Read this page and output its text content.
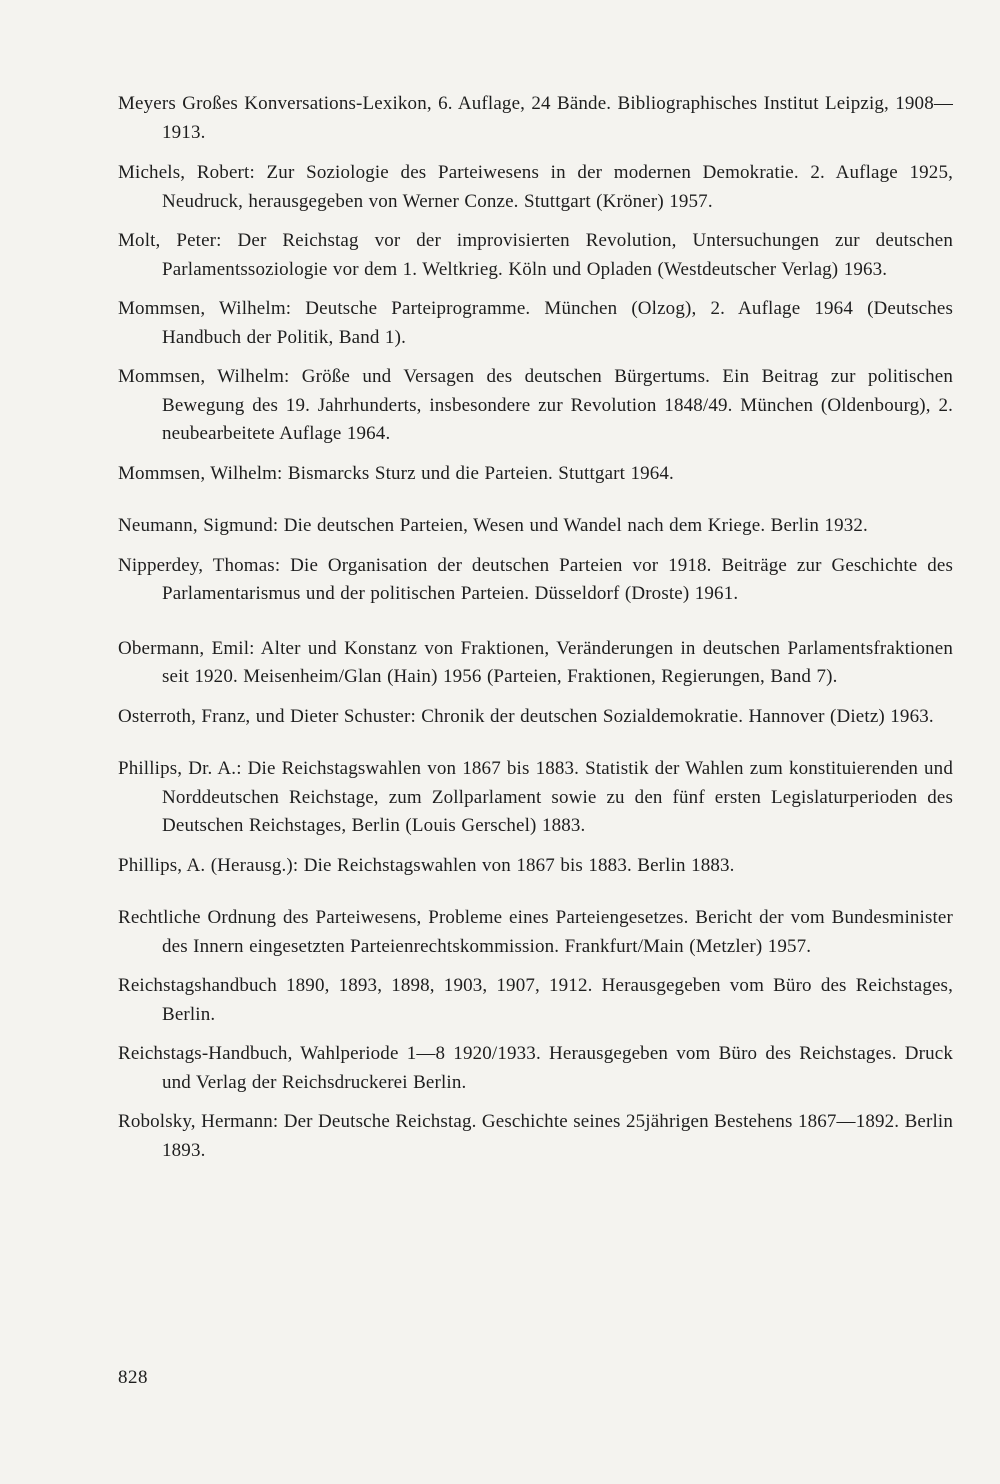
Meyers Großes Konversations-Lexikon, 6. Auflage, 24 Bände. Bibliographisches Institut Leipzig, 1908—1913.
Michels, Robert: Zur Soziologie des Parteiwesens in der modernen Demokratie. 2. Auflage 1925, Neudruck, herausgegeben von Werner Conze. Stuttgart (Kröner) 1957.
Molt, Peter: Der Reichstag vor der improvisierten Revolution, Untersuchungen zur deutschen Parlamentssoziologie vor dem 1. Weltkrieg. Köln und Opladen (Westdeutscher Verlag) 1963.
Mommsen, Wilhelm: Deutsche Parteiprogramme. München (Olzog), 2. Auflage 1964 (Deutsches Handbuch der Politik, Band 1).
Mommsen, Wilhelm: Größe und Versagen des deutschen Bürgertums. Ein Beitrag zur politischen Bewegung des 19. Jahrhunderts, insbesondere zur Revolution 1848/49. München (Oldenbourg), 2. neubearbeitete Auflage 1964.
Mommsen, Wilhelm: Bismarcks Sturz und die Parteien. Stuttgart 1964.
Neumann, Sigmund: Die deutschen Parteien, Wesen und Wandel nach dem Kriege. Berlin 1932.
Nipperdey, Thomas: Die Organisation der deutschen Parteien vor 1918. Beiträge zur Geschichte des Parlamentarismus und der politischen Parteien. Düsseldorf (Droste) 1961.
Obermann, Emil: Alter und Konstanz von Fraktionen, Veränderungen in deutschen Parlamentsfraktionen seit 1920. Meisenheim/Glan (Hain) 1956 (Parteien, Fraktionen, Regierungen, Band 7).
Osterroth, Franz, und Dieter Schuster: Chronik der deutschen Sozialdemokratie. Hannover (Dietz) 1963.
Phillips, Dr. A.: Die Reichstagswahlen von 1867 bis 1883. Statistik der Wahlen zum konstituierenden und Norddeutschen Reichstage, zum Zollparlament sowie zu den fünf ersten Legislaturperioden des Deutschen Reichstages, Berlin (Louis Gerschel) 1883.
Phillips, A. (Herausg.): Die Reichstagswahlen von 1867 bis 1883. Berlin 1883.
Rechtliche Ordnung des Parteiwesens, Probleme eines Parteiengesetzes. Bericht der vom Bundesminister des Innern eingesetzten Parteienrechtskommission. Frankfurt/Main (Metzler) 1957.
Reichstagshandbuch 1890, 1893, 1898, 1903, 1907, 1912. Herausgegeben vom Büro des Reichstages, Berlin.
Reichstags-Handbuch, Wahlperiode 1—8 1920/1933. Herausgegeben vom Büro des Reichstages. Druck und Verlag der Reichsdruckerei Berlin.
Robolsky, Hermann: Der Deutsche Reichstag. Geschichte seines 25jährigen Bestehens 1867—1892. Berlin 1893.
828
